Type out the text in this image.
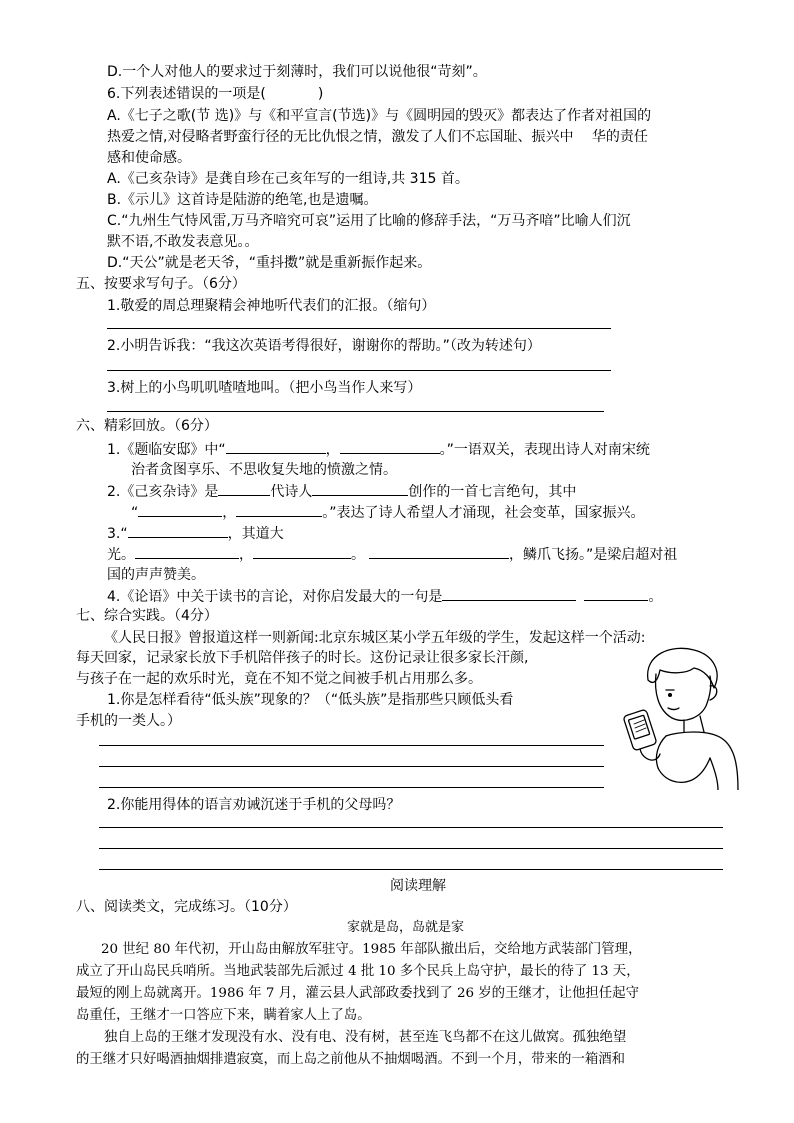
D.一个人对他人的要求过于刻薄时，我们可以说他很“苛刻”。
6.下列表述错误的一项是(	)
A.《七子之歌(节 选)》与《和平宣言(节选)》与《圆明园的毁灭》都表达了作者对祖国的
热爱之情,对侵略者野蛮行径的无比仇恨之情，激发了人们不忘国耻、振兴中　 华的责任
感和使命感。
A.《己亥杂诗》是龚自珍在己亥年写的一组诗,共 315 首。
B.《示儿》这首诗是陆游的绝笔,也是遗嘱。
C.“九州生气恃风雷,万马齐喑究可哀”运用了比喻的修辞手法，“万马齐喑”比喻人们沉
默不语,不敢发表意见。。
D.“天公”就是老天爷，“重抖擞”就是重新振作起来。
五、按要求写句子。（6分）
1.敬爱的周总理聚精会神地听代表们的汇报。（缩句）
2.小明告诉我：“我这次英语考得很好，谢谢你的帮助。”（改为转述句）
3.树上的小鸟叽叽喳喳地叫。（把小鸟当作人来写）
六、精彩回放。（6分）
1.《题临安邸》中“	，	。”一语双关，表现出诗人对南宋统
治者贪图享乐、不思收复失地的愤激之情。
2.《己亥杂诗》是	代诗人	创作的一首七言绝句，其中
“	，	。”表达了诗人希望人才涌现，社会变革，国家振兴。
3.“	，其道大
光。	，	。	，鳞爪飞扬。”是梁启超对祖
国的声声赞美。
4.《论语》中关于读书的言论，对你启发最大的一句是	。
七、综合实践。（4分）
《人民日报》曾报道这样一则新闻:北京东城区某小学五年级的学生，发起这样一个活动:
每天回家，记录家长放下手机陪伴孩子的时长。这份记录让很多家长汗颜,
与孩子在一起的欢乐时光，竟在不知不觉之间被手机占用那么多。
1.你是怎样看待“低头族”现象的？（“低头族”是指那些只顾低头看
手机的一类人。）
2.你能用得体的语言劝诫沉迷于手机的父母吗？
阅读理解
八、阅读类文，完成练习。（10分）
家就是岛，岛就是家
20 世纪 80 年代初，开山岛由解放军驻守。1985 年部队撤出后，交给地方武装部门管理，
成立了开山岛民兵哨所。当地武装部先后派过 4 批 10 多个民兵上岛守护，最长的待了 13 天，
最短的刚上岛就离开。1986 年 7 月，灌云县人武部政委找到了 26 岁的王继才，让他担任起守
岛重任，王继才一口答应下来，瞒着家人上了岛。
独自上岛的王继才发现没有水、没有电、没有树，甚至连飞鸟都不在这儿做窝。孤独绝望
的王继才只好喝酒抽烟排遣寂寞，而上岛之前他从不抽烟喝酒。不到一个月，带来的一箱酒和
